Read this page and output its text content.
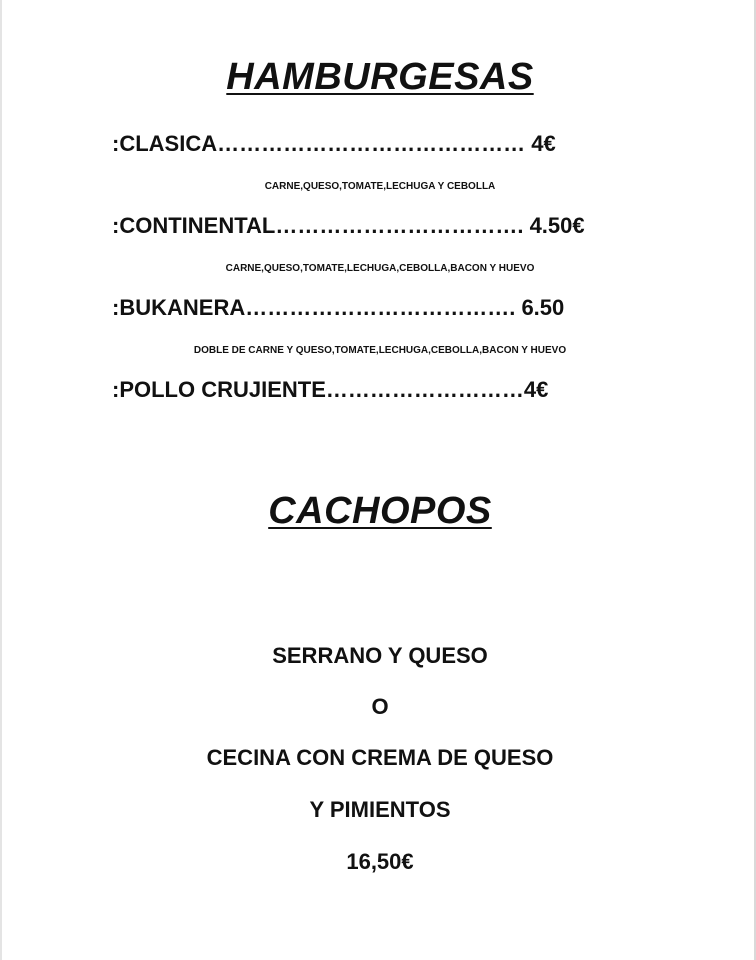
HAMBURGESAS
:CLASICA…………………………………… 4€
CARNE,QUESO,TOMATE,LECHUGA Y CEBOLLA
:CONTINENTAL……………………………. 4.50€
CARNE,QUESO,TOMATE,LECHUGA,CEBOLLA,BACON Y HUEVO
:BUKANERA………………………………. 6.50
DOBLE DE CARNE Y QUESO,TOMATE,LECHUGA,CEBOLLA,BACON Y HUEVO
:POLLO CRUJIENTE………………………4€
CACHOPOS
SERRANO Y QUESO
O
CECINA CON CREMA DE QUESO
Y PIMIENTOS
16,50€
